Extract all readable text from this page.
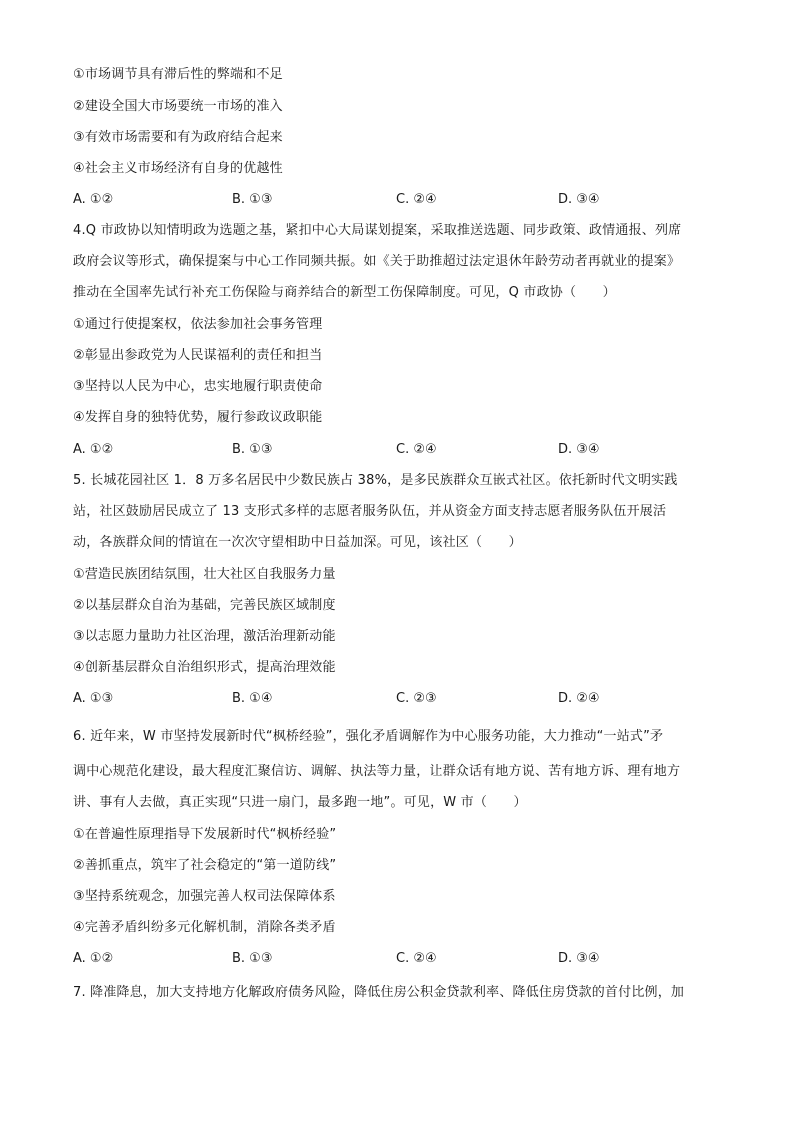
①市场调节具有滞后性的弊端和不足
②建设全国大市场要统一市场的准入
③有效市场需要和有为政府结合起来
④社会主义市场经济有自身的优越性
A. ①②	B. ①③	C. ②④	D. ③④
4.Q 市政协以知情明政为选题之基，紧扣中心大局谋划提案，采取推送选题、同步政策、政情通报、列席
政府会议等形式，确保提案与中心工作同频共振。如《关于助推超过法定退休年龄劳动者再就业的提案》
推动在全国率先试行补充工伤保险与商养结合的新型工伤保障制度。可见，Q 市政协（　　）
①通过行使提案权，依法参加社会事务管理
②彰显出参政党为人民谋福利的责任和担当
③坚持以人民为中心，忠实地履行职责使命
④发挥自身的独特优势，履行参政议政职能
A. ①②	B. ①③	C. ②④	D. ③④
5. 长城花园社区 1．8 万多名居民中少数民族占 38%，是多民族群众互嵌式社区。依托新时代文明实践
站，社区鼓励居民成立了 13 支形式多样的志愿者服务队伍，并从资金方面支持志愿者服务队伍开展活
动，各族群众间的情谊在一次次守望相助中日益加深。可见，该社区（　　）
①营造民族团结氛围，壮大社区自我服务力量
②以基层群众自治为基础，完善民族区域制度
③以志愿力量助力社区治理，激活治理新动能
④创新基层群众自治组织形式，提高治理效能
A. ①③	B. ①④	C. ②③	D. ②④
6. 近年来，W 市坚持发展新时代“枫桥经验”，强化矛盾调解作为中心服务功能，大力推动“一站式”矛
调中心规范化建设，最大程度汇聚信访、调解、执法等力量，让群众话有地方说、苦有地方诉、理有地方
讲、事有人去做，真正实现“只进一扇门，最多跑一地”。可见，W 市（　　）
①在普遍性原理指导下发展新时代“枫桥经验”
②善抓重点，筑牢了社会稳定的“第一道防线”
③坚持系统观念，加强完善人权司法保障体系
④完善矛盾纠纷多元化解机制，消除各类矛盾
A. ①②	B. ①③	C. ②④	D. ③④
7. 降准降息，加大支持地方化解政府债务风险，降低住房公积金贷款利率、降低住房贷款的首付比例，加
